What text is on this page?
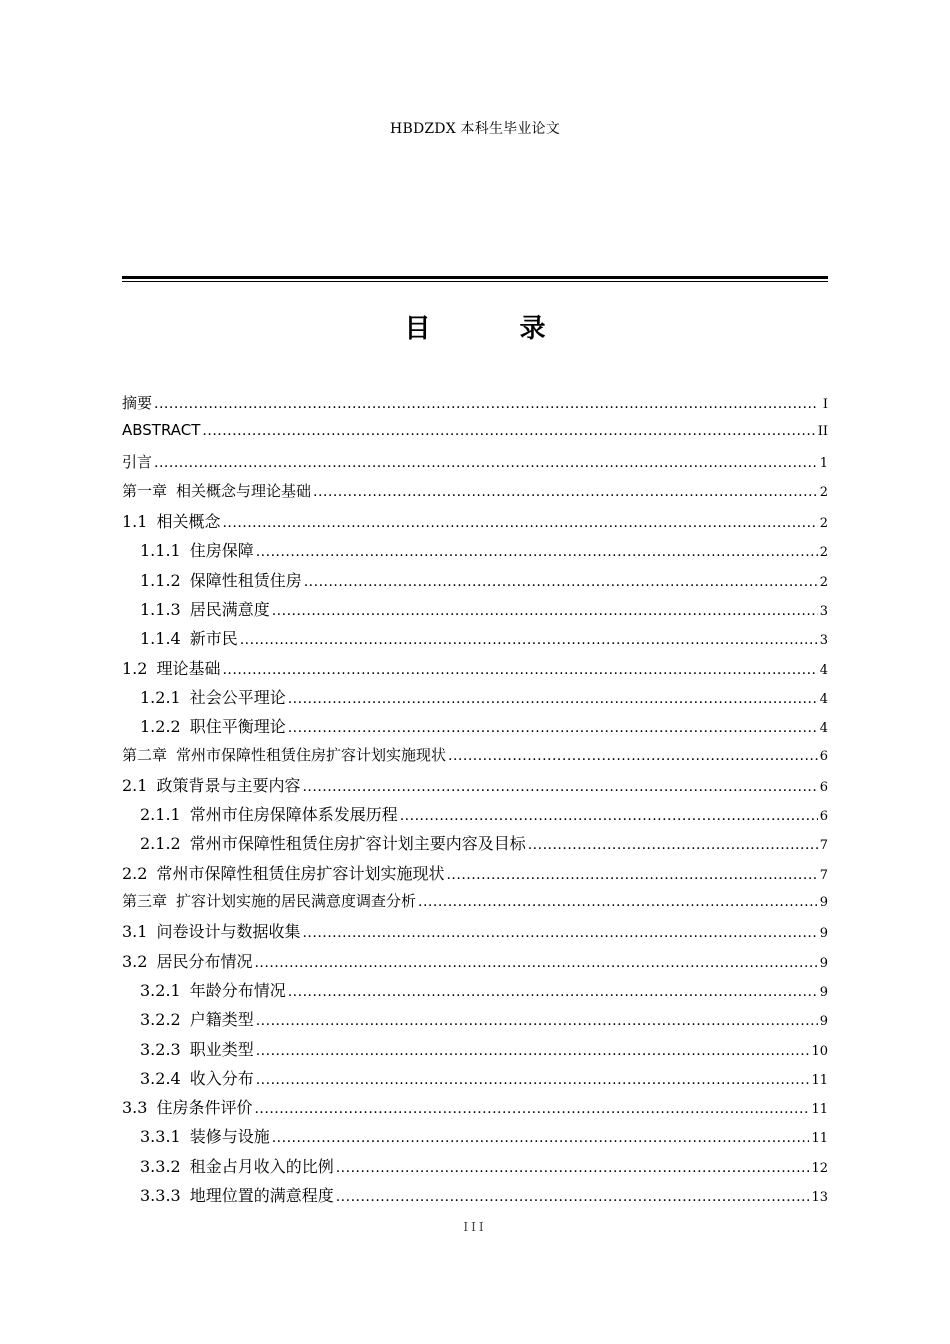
HBDZDX 本科生毕业论文
目 录
摘要 .....	I
ABSTRACT .....	II
引言 .....	1
第一章 相关概念与理论基础 .....	2
1.1 相关概念 .....	2
1.1.1 住房保障 .....	2
1.1.2 保障性租赁住房 .....	2
1.1.3 居民满意度 .....	3
1.1.4 新市民 .....	3
1.2 理论基础 .....	4
1.2.1 社会公平理论 .....	4
1.2.2 职住平衡理论 .....	4
第二章 常州市保障性租赁住房扩容计划实施现状 .....	6
2.1 政策背景与主要内容 .....	6
2.1.1 常州市住房保障体系发展历程 .....	6
2.1.2 常州市保障性租赁住房扩容计划主要内容及目标 .....	7
2.2 常州市保障性租赁住房扩容计划实施现状 .....	7
第三章 扩容计划实施的居民满意度调查分析 .....	9
3.1 问卷设计与数据收集 .....	9
3.2 居民分布情况 .....	9
3.2.1 年龄分布情况 .....	9
3.2.2 户籍类型 .....	9
3.2.3 职业类型 .....	10
3.2.4 收入分布 .....	11
3.3 住房条件评价 .....	11
3.3.1 装修与设施 .....	11
3.3.2 租金占月收入的比例 .....	12
3.3.3 地理位置的满意程度 .....	13
III
